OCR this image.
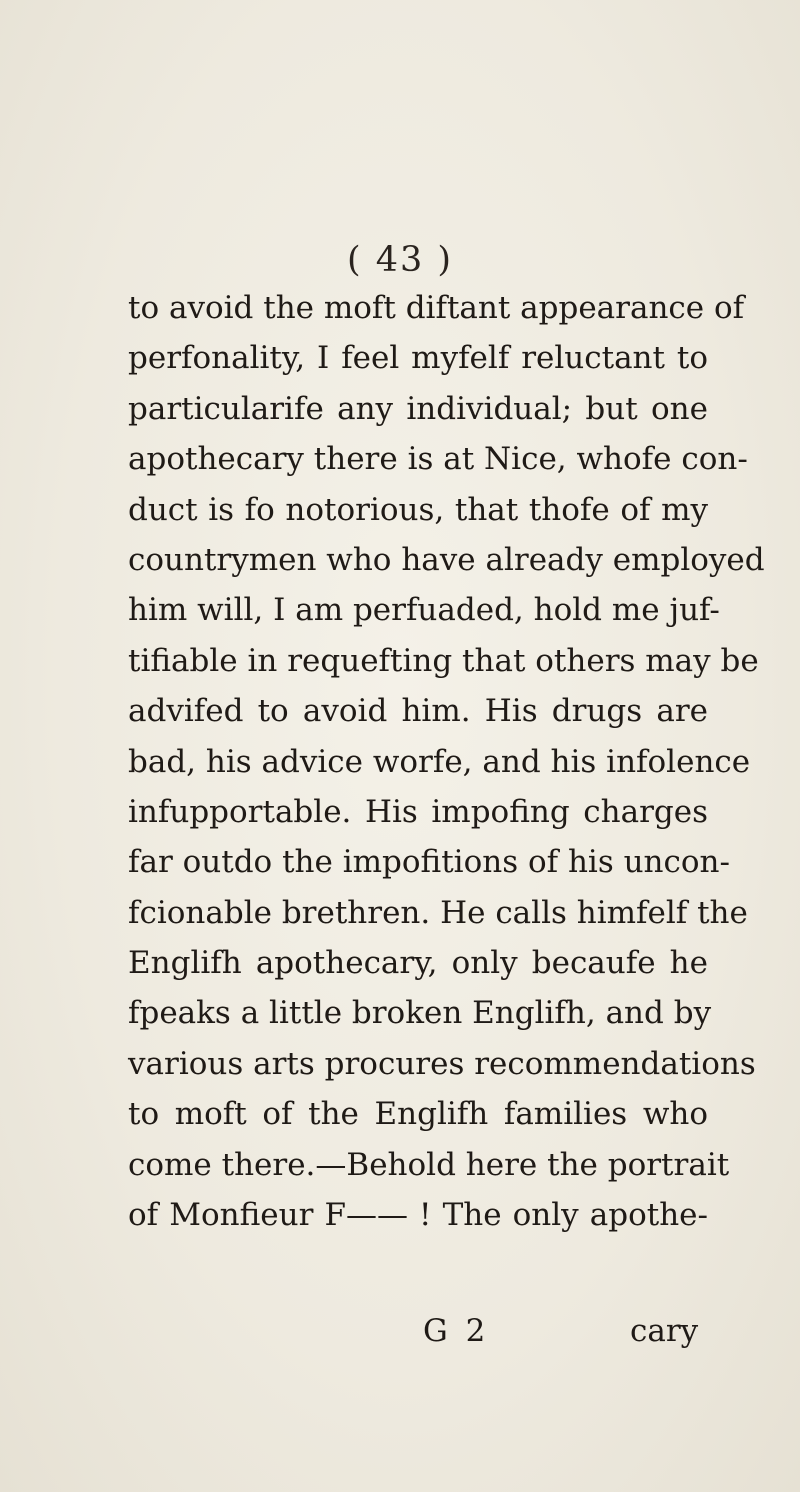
( 43 )
to avoid the moft diftant appearance of
perfonality, I feel myfelf reluctant to
particularife any individual; but one
apothecary there is at Nice, whofe con-
duct is fo notorious, that thofe of my
countrymen who have already employed
him will, I am perfuaded, hold me juf-
tifiable in requefting that others may be
advifed to avoid him. His drugs are
bad, his advice worfe, and his infolence
infupportable. His impofing charges
far outdo the impofitions of his uncon-
fcionable brethren. He calls himfelf the
Englifh apothecary, only becaufe he
fpeaks a little broken Englifh, and by
various arts procures recommendations
to moft of the Englifh families who
come there.—Behold here the portrait
of Monfieur F—— ! The only apothe-
G 2	cary
